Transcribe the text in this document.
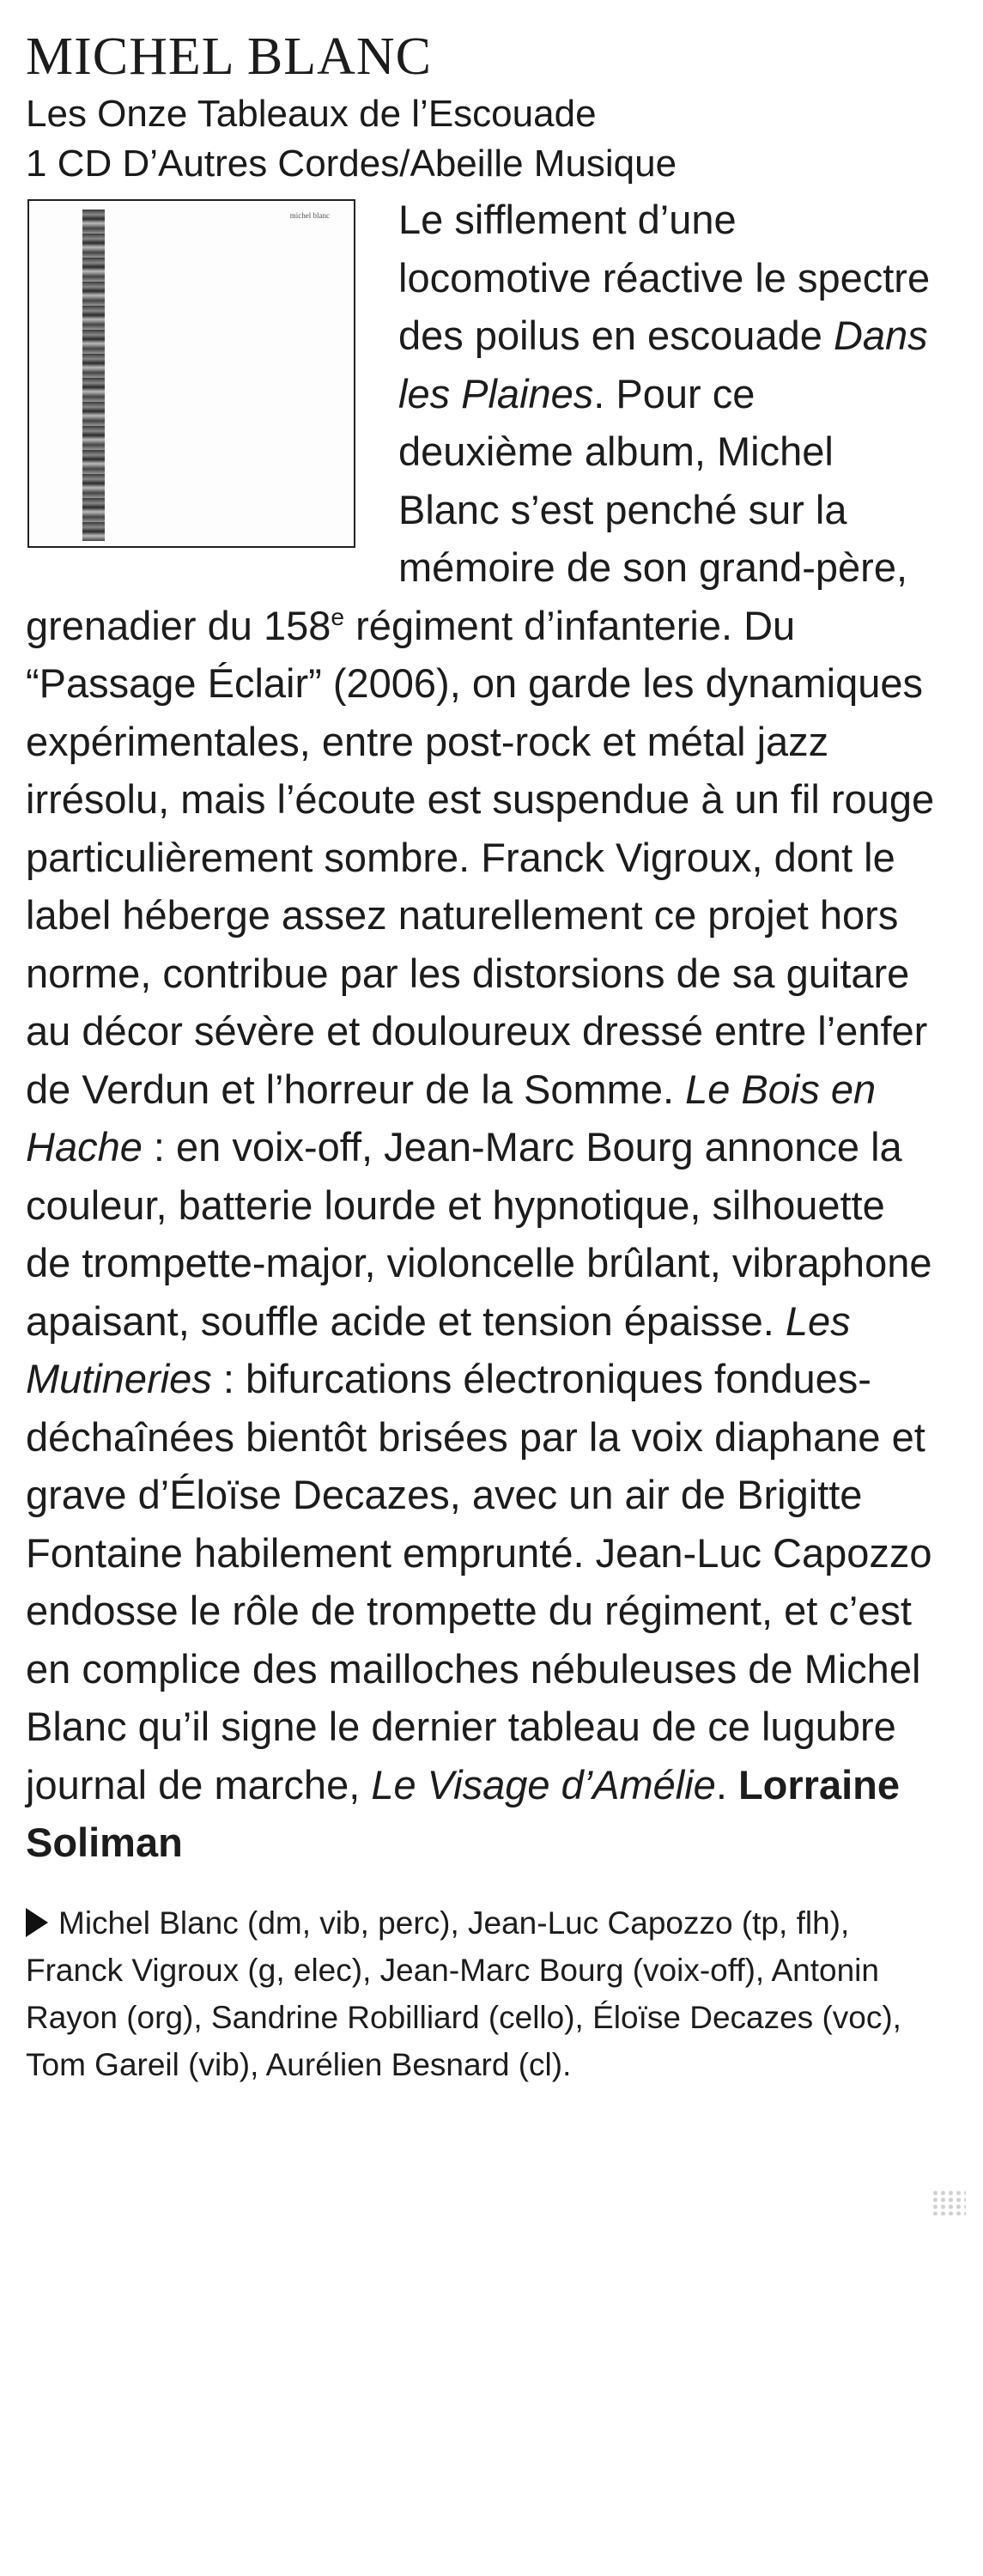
MICHEL BLANC
Les Onze Tableaux de l’Escouade

1 CD D’Autres Cordes/Abeille Musique

michel blanc	Le sifflement d’une locomotive réactive le spectre des poilus en escouade Dans les Plaines. Pour ce deuxième album, Michel Blanc s’est penché sur la mémoire de son grand-père, grenadier du 158e régiment d’infanterie. Du “Passage Éclair” (2006), on garde les dynamiques expérimentales, entre post-rock et métal jazz irrésolu, mais l’écoute est suspendue à un fil rouge particulièrement sombre. Franck Vigroux, dont le label héberge assez naturellement ce projet hors norme, contribue par les distorsions de sa guitare au décor sévère et douloureux dressé entre l’enfer de Verdun et l’horreur de la Somme. Le Bois en Hache : en voix-off, Jean-Marc Bourg annonce la couleur, batterie lourde et hypnotique, silhouette de trompette-major, violoncelle brûlant, vibraphone apaisant, souffle acide et tension épaisse. Les Mutineries : bifurcations électroniques fondues-déchaînées bientôt brisées par la voix diaphane et grave d’Éloïse Decazes, avec un air de Brigitte Fontaine habilement emprunté. Jean-Luc Capozzo endosse le rôle de trompette du régiment, et c’est en complice des mailloches nébuleuses de Michel Blanc qu’il signe le dernier tableau de ce lugubre journal de marche, Le Visage d’Amélie. Lorraine Soliman

Michel Blanc (dm, vib, perc), Jean-Luc Capozzo (tp, flh), Franck Vigroux (g, elec), Jean-Marc Bourg (voix-off), Antonin Rayon (org), Sandrine Robilliard (cello), Éloïse Decazes (voc), Tom Gareil (vib), Aurélien Besnard (cl).
